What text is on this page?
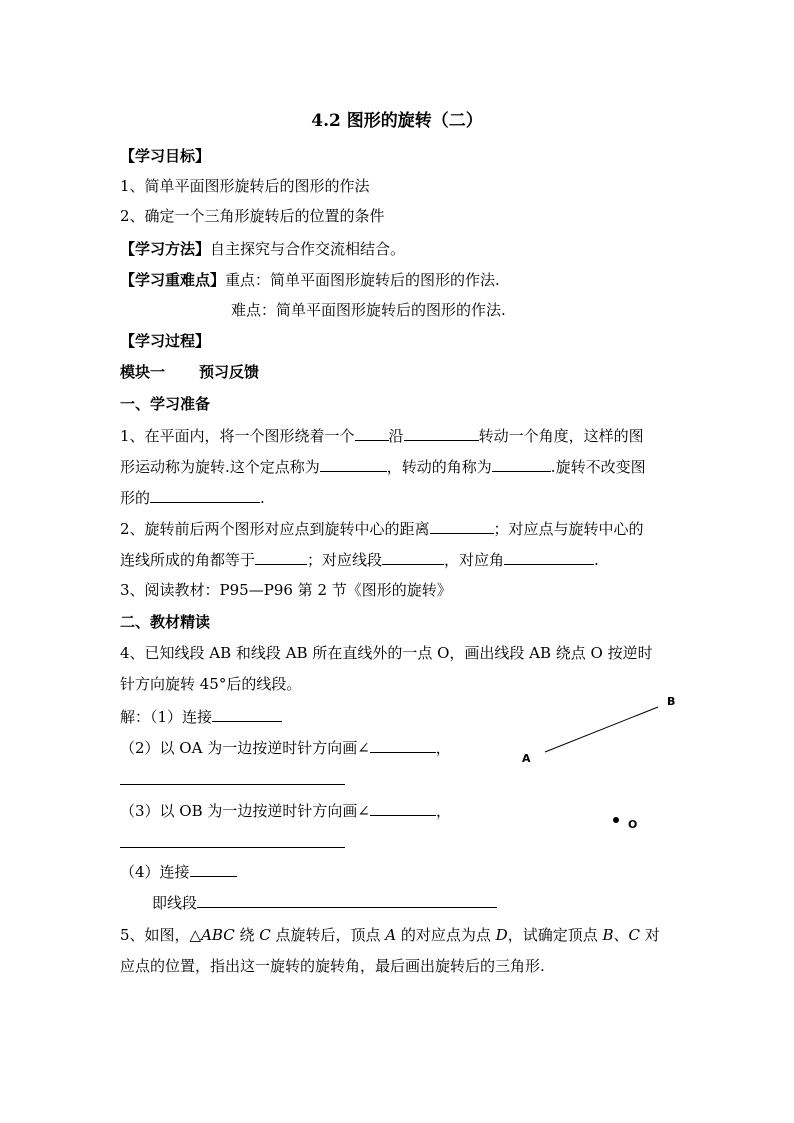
4.2 图形的旋转（二）
【学习目标】
1、简单平面图形旋转后的图形的作法
2、确定一个三角形旋转后的位置的条件
【学习方法】自主探究与合作交流相结合。
【学习重难点】重点：简单平面图形旋转后的图形的作法.
难点：简单平面图形旋转后的图形的作法.
【学习过程】
模块一 预习反馈
一、学习准备
1、在平面内，将一个图形绕着一个 沿	转动一个角度，这样的图
形运动称为旋转.这个定点称为	，转动的角称为	.旋转不改变图
形的	.
2、旋转前后两个图形对应点到旋转中心的距离	；对应点与旋转中心的
连线所成的角都等于	；对应线段	，对应角	.
3、阅读教材：P95—P96 第 2 节《图形的旋转》
二、教材精读
4、已知线段 AB 和线段 AB 所在直线外的一点 O，画出线段 AB 绕点 O 按逆时
针方向旋转 45°后的线段。
解：（1）连接
（2）以 OA 为一边按逆时针方向画∠	，
（3）以 OB 为一边按逆时针方向画∠	，
（4）连接
即线段
A
B
O
5、如图，△ABC 绕 C 点旋转后，顶点 A 的对应点为点 D，试确定顶点 B、C 对
应点的位置，指出这一旋转的旋转角，最后画出旋转后的三角形.
